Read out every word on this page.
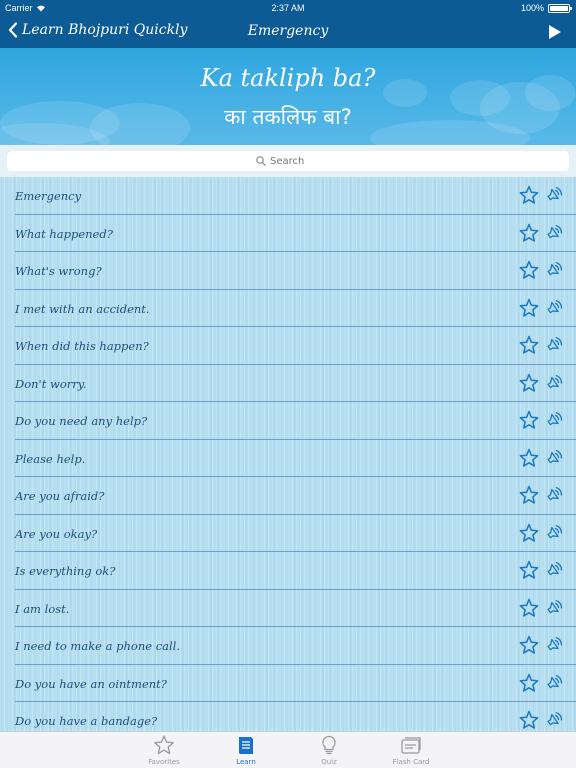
Carrier	2:37 AM	100%
Learn Bhojpuri Quickly	Emergency
Ka takliph ba?
का तकलिफ बा?
Search
Emergency
What happened?
What's wrong?
I met with an accident.
When did this happen?
Don't worry.
Do you need any help?
Please help.
Are you afraid?
Are you okay?
Is everything ok?
I am lost.
I need to make a phone call.
Do you have an ointment?
Do you have a bandage?
Favorites	Learn	Quiz	Flash Card
